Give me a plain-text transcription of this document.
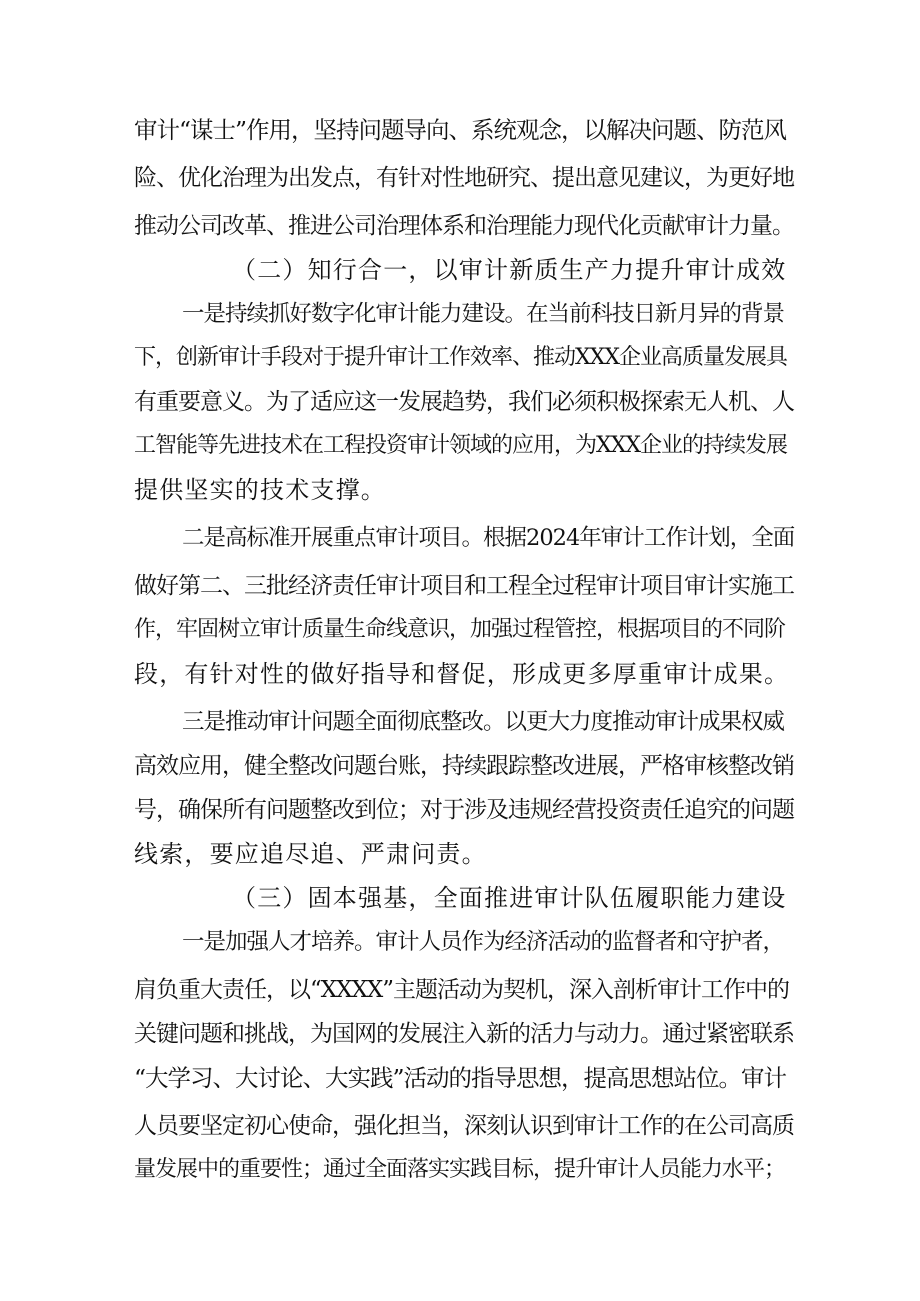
审计“谋士”作用，坚持问题导向、系统观念，以解决问题、防范风
险、优化治理为出发点，有针对性地研究、提出意见建议，为更好地
推动公司改革、推进公司治理体系和治理能力现代化贡献审计力量。
（二）知行合一，以审计新质生产力提升审计成效
一是持续抓好数字化审计能力建设。在当前科技日新月异的背景
下，创新审计手段对于提升审计工作效率、推动XXX企业高质量发展具
有重要意义。为了适应这一发展趋势，我们必须积极探索无人机、人
工智能等先进技术在工程投资审计领域的应用，为XXX企业的持续发展
提供坚实的技术支撑。
二是高标准开展重点审计项目。根据2024年审计工作计划，全面
做好第二、三批经济责任审计项目和工程全过程审计项目审计实施工
作，牢固树立审计质量生命线意识，加强过程管控，根据项目的不同阶
段，有针对性的做好指导和督促，形成更多厚重审计成果。
三是推动审计问题全面彻底整改。以更大力度推动审计成果权威
高效应用，健全整改问题台账，持续跟踪整改进展，严格审核整改销
号，确保所有问题整改到位；对于涉及违规经营投资责任追究的问题
线索，要应追尽追、严肃问责。
（三）固本强基，全面推进审计队伍履职能力建设
一是加强人才培养。审计人员作为经济活动的监督者和守护者，
肩负重大责任，以“XXXX”主题活动为契机，深入剖析审计工作中的
关键问题和挑战，为国网的发展注入新的活力与动力。通过紧密联系
“大学习、大讨论、大实践”活动的指导思想，提高思想站位。审计
人员要坚定初心使命，强化担当，深刻认识到审计工作的在公司高质
量发展中的重要性；通过全面落实实践目标，提升审计人员能力水平；
